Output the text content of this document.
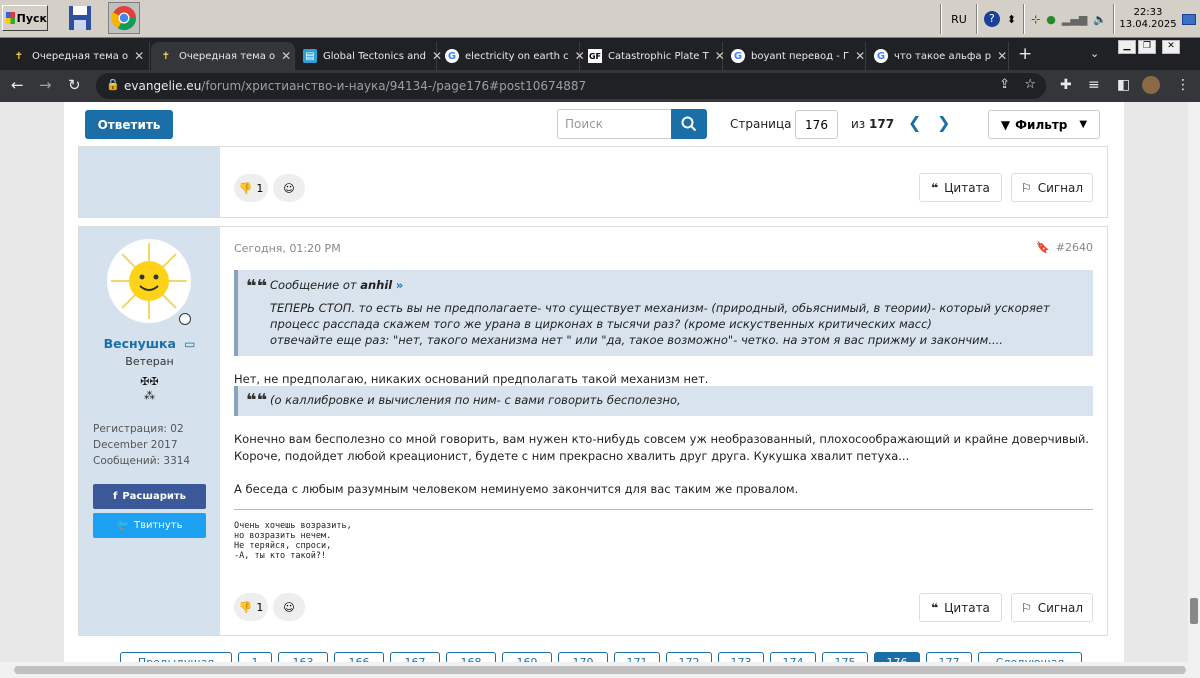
Пуск	RU	?	⬍ ⊹ ● ▂▄▆ 🔈	22:33
13.04.2025
✝ Очередная тема о ✕ ✝ Очередная тема о ✕ ▤ Global Tectonics and ✕ G electricity on earth c ✕ GF Catastrophic Plate T ✕ G boyant перевод - Г ✕ G что такое альфа р ✕ +	⌄
▁	❐	✕
← → ↻ 🔒 evangelie.eu /forum/христианство-и-наука/94134-/page176#post10674887	⇪ ☆ ✚ ≡ ◧	⋮
Ответить	Поиск	Страница	176	из 177 ❮ ❯	▼ Фильтр ▼
👎 1 ☺	❝ Цитата	⚐ Сигнал
Веснушка ▭
Ветеран
✠✠
⁂
Регистрация: 02
December 2017
Сообщений: 3314
f Расшарить
🐦 Твитнуть
Сегодня, 01:20 PM	🔖 #2640
❝❝ Сообщение от anhil »
ТЕПЕРЬ СТОП. то есть вы не предполагаете- что существует механизм- (природный, обьяснимый, в теории)- который ускоряет
процесс расспада скажем того же урана в цирконах в тысячи раз? (кроме искуственных критических масс)
отвечайте еще раз: "нет, такого механизма нет " или "да, такое возможно"- четко. на этом я вас прижму и закончим....
Нет, не предполагаю, никаких оснований предполагать такой механизм нет.
❝❝ (о каллибровке и вычисления по ним- с вами говорить бесполезно,
Конечно вам бесполезно со мной говорить, вам нужен кто-нибудь совсем уж необразованный, плохосоображающий и крайне доверчивый.
Короче, подойдет любой креационист, будете с ним прекрасно хвалить друг друга. Кукушка хвалит петуха...
А беседа с любым разумным человеком неминуемо закончится для вас таким же провалом.
Очень хочешь возразить,
но возразить нечем.
Не теряйся, спроси,
-А, ты кто такой?!
👎 1 ☺	❝ Цитата	⚐ Сигнал
